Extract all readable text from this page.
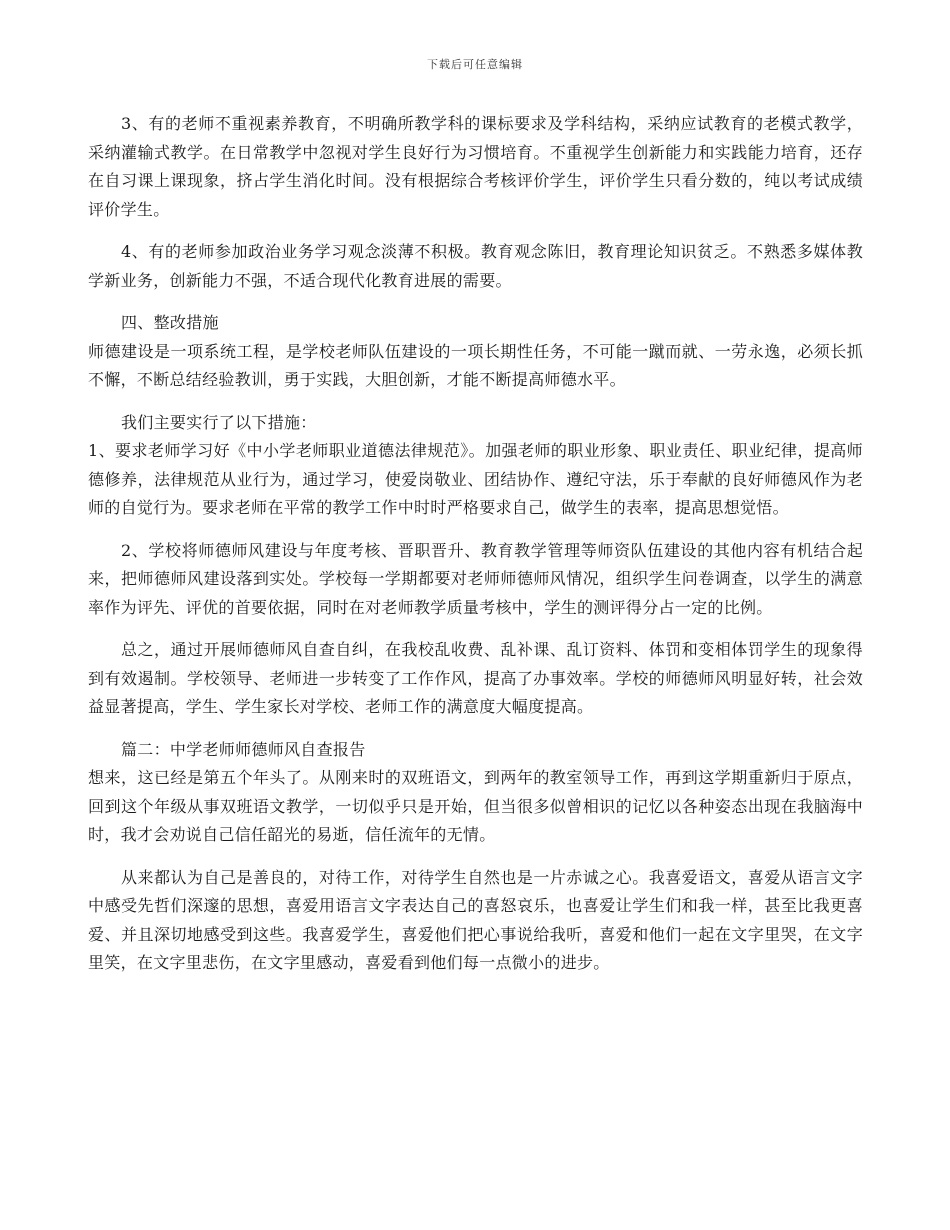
下载后可任意编辑

3、有的老师不重视素养教育，不明确所教学科的课标要求及学科结构，采纳应试教育的老模式教学，采纳灌输式教学。在日常教学中忽视对学生良好行为习惯培育。不重视学生创新能力和实践能力培育，还存在自习课上课现象，挤占学生消化时间。没有根据综合考核评价学生，评价学生只看分数的，纯以考试成绩评价学生。

4、有的老师参加政治业务学习观念淡薄不积极。教育观念陈旧，教育理论知识贫乏。不熟悉多媒体教学新业务，创新能力不强，不适合现代化教育进展的需要。

四、整改措施

师德建设是一项系统工程，是学校老师队伍建设的一项长期性任务，不可能一蹴而就、一劳永逸，必须长抓不懈，不断总结经验教训，勇于实践，大胆创新，才能不断提高师德水平。

我们主要实行了以下措施：

1、要求老师学习好《中小学老师职业道德法律规范》。加强老师的职业形象、职业责任、职业纪律，提高师德修养，法律规范从业行为，通过学习，使爱岗敬业、团结协作、遵纪守法，乐于奉献的良好师德风作为老师的自觉行为。要求老师在平常的教学工作中时时严格要求自己，做学生的表率，提高思想觉悟。

2、学校将师德师风建设与年度考核、晋职晋升、教育教学管理等师资队伍建设的其他内容有机结合起来，把师德师风建设落到实处。学校每一学期都要对老师师德师风情况，组织学生问卷调查，以学生的满意率作为评先、评优的首要依据，同时在对老师教学质量考核中，学生的测评得分占一定的比例。

总之，通过开展师德师风自查自纠，在我校乱收费、乱补课、乱订资料、体罚和变相体罚学生的现象得到有效遏制。学校领导、老师进一步转变了工作作风，提高了办事效率。学校的师德师风明显好转，社会效益显著提高，学生、学生家长对学校、老师工作的满意度大幅度提高。

篇二：中学老师师德师风自查报告

想来，这已经是第五个年头了。从刚来时的双班语文，到两年的教室领导工作，再到这学期重新归于原点，回到这个年级从事双班语文教学，一切似乎只是开始，但当很多似曾相识的记忆以各种姿态出现在我脑海中时，我才会劝说自己信任韶光的易逝，信任流年的无情。

从来都认为自己是善良的，对待工作，对待学生自然也是一片赤诚之心。我喜爱语文，喜爱从语言文字中感受先哲们深邃的思想，喜爱用语言文字表达自己的喜怒哀乐，也喜爱让学生们和我一样，甚至比我更喜爱、并且深切地感受到这些。我喜爱学生，喜爱他们把心事说给我听，喜爱和他们一起在文字里哭，在文字里笑，在文字里悲伤，在文字里感动，喜爱看到他们每一点微小的进步。
